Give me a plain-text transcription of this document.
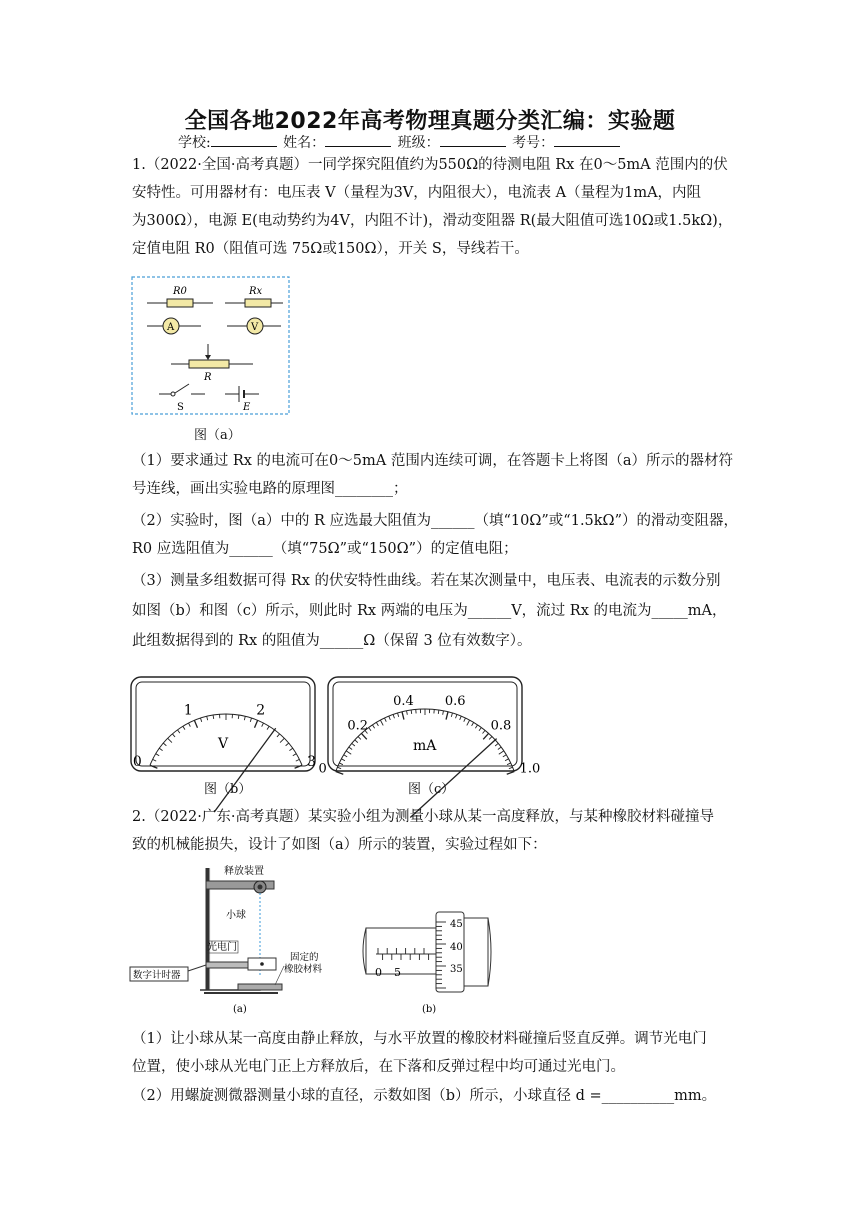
全国各地2022年高考物理真题分类汇编：实验题
学校:	姓名：	班级：	考号：
1.（2022·全国·高考真题）一同学探究阻值约为550Ω的待测电阻 Rx 在0～5mA 范围内的伏
安特性。可用器材有：电压表 V（量程为3V，内阻很大），电流表 A（量程为1mA，内阻
为300Ω），电源 E(电动势约为4V，内阻不计)，滑动变阻器 R(最大阻值可选10Ω或1.5kΩ)，
定值电阻 R0（阻值可选 75Ω或150Ω），开关 S，导线若干。
R0	Rx
A	V
R
S	E
图（a）
（1）要求通过 Rx 的电流可在0～5mA 范围内连续可调，在答题卡上将图（a）所示的器材符
号连线，画出实验电路的原理图________；
（2）实验时，图（a）中的 R 应选最大阻值为______（填“10Ω”或“1.5kΩ”）的滑动变阻器，
R0 应选阻值为______（填“75Ω”或“150Ω”）的定值电阻；
（3）测量多组数据可得 Rx 的伏安特性曲线。若在某次测量中，电压表、电流表的示数分别
如图（b）和图（c）所示，则此时 Rx 两端的电压为______V，流过 Rx 的电流为_____mA，
此组数据得到的 Rx 的阻值为______Ω（保留 3 位有效数字）。
V
0
1	2
3
图（b）
mA
0
0.2
0.4 0.6
0.8
1.0
图（c）
2.（2022·广东·高考真题）某实验小组为测量小球从某一高度释放，与某种橡胶材料碰撞导
致的机械能损失，设计了如图（a）所示的装置，实验过程如下：
释放装置
小球
光电门
数字计时器
固定的
橡胶材料
(a)
0 5
45
40
35
(b)
（1）让小球从某一高度由静止释放，与水平放置的橡胶材料碰撞后竖直反弹。调节光电门
位置，使小球从光电门正上方释放后，在下落和反弹过程中均可通过光电门。
（2）用螺旋测微器测量小球的直径，示数如图（b）所示，小球直径 d =__________mm。
